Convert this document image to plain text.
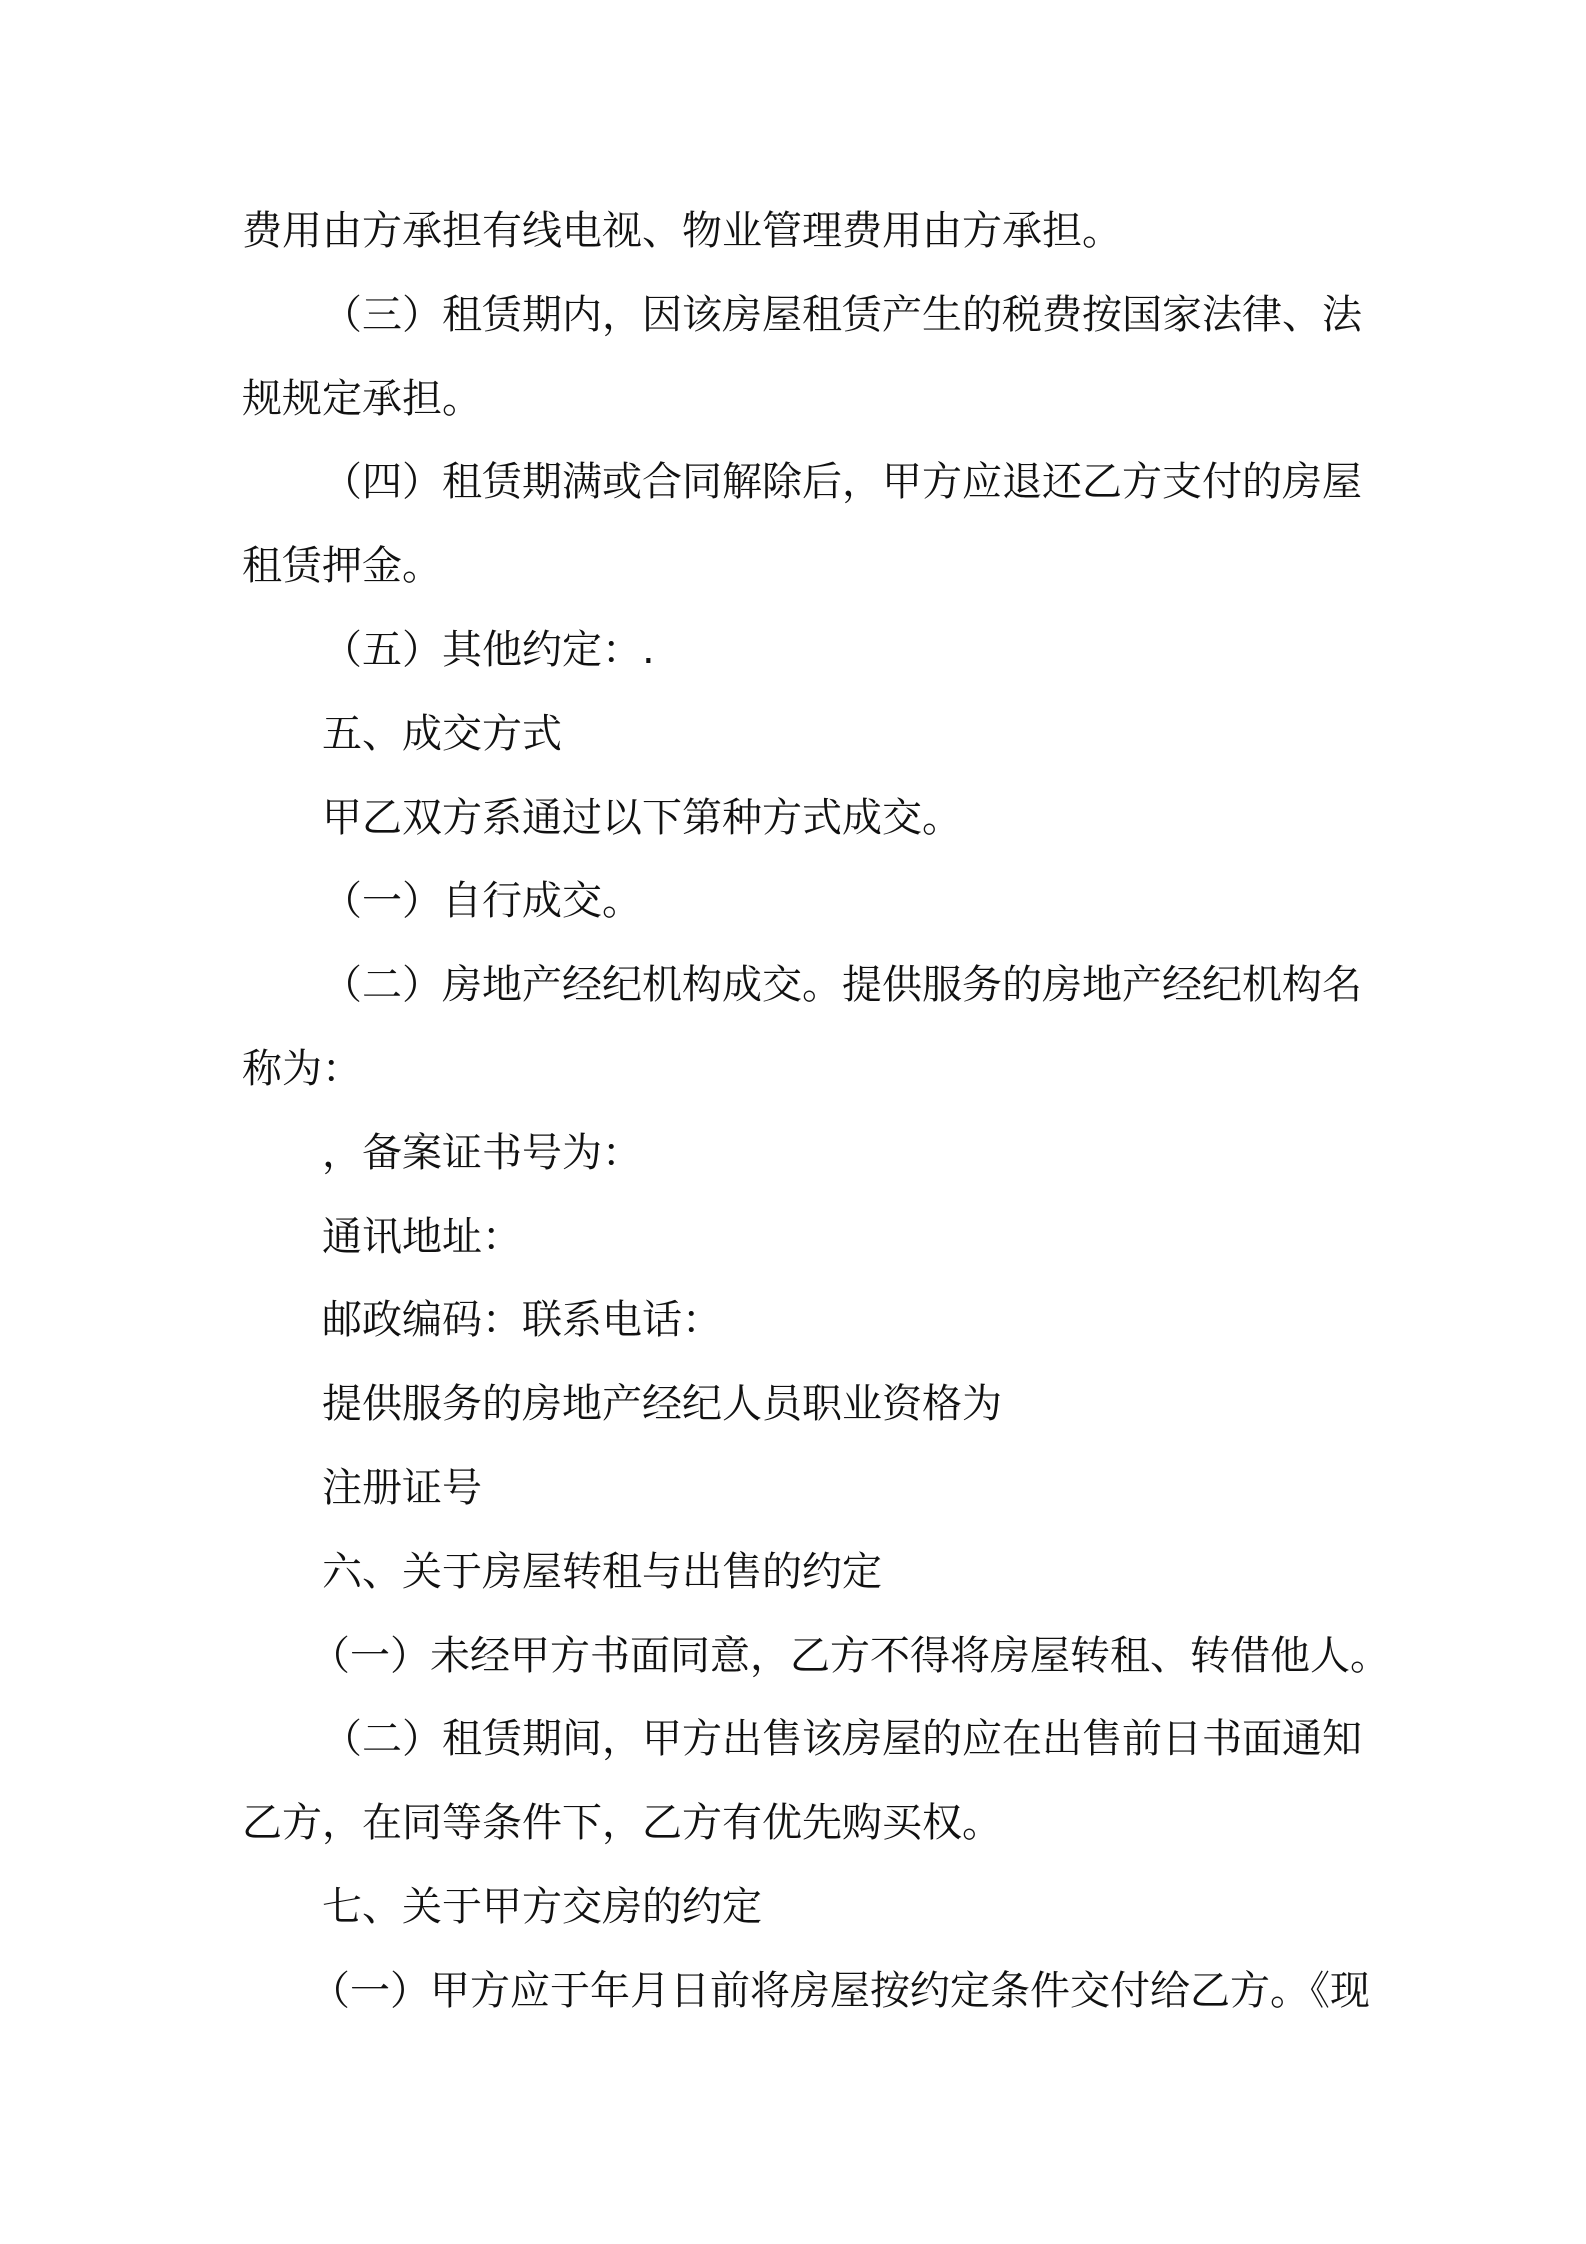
费用由方承担有线电视、物业管理费用由方承担。
（三）租赁期内，因该房屋租赁产生的税费按国家法律、法
规规定承担。
（四）租赁期满或合同解除后，甲方应退还乙方支付的房屋
租赁押金。
（五）其他约定：.
五、成交方式
甲乙双方系通过以下第种方式成交。
（一）自行成交。
（二）房地产经纪机构成交。提供服务的房地产经纪机构名
称为：
，备案证书号为：
通讯地址：
邮政编码：联系电话：
提供服务的房地产经纪人员职业资格为
注册证号
六、关于房屋转租与出售的约定
（一）未经甲方书面同意，乙方不得将房屋转租、转借他人。
（二）租赁期间，甲方出售该房屋的应在出售前日书面通知
乙方，在同等条件下，乙方有优先购买权。
七、关于甲方交房的约定
（一）甲方应于年月日前将房屋按约定条件交付给乙方。《现
